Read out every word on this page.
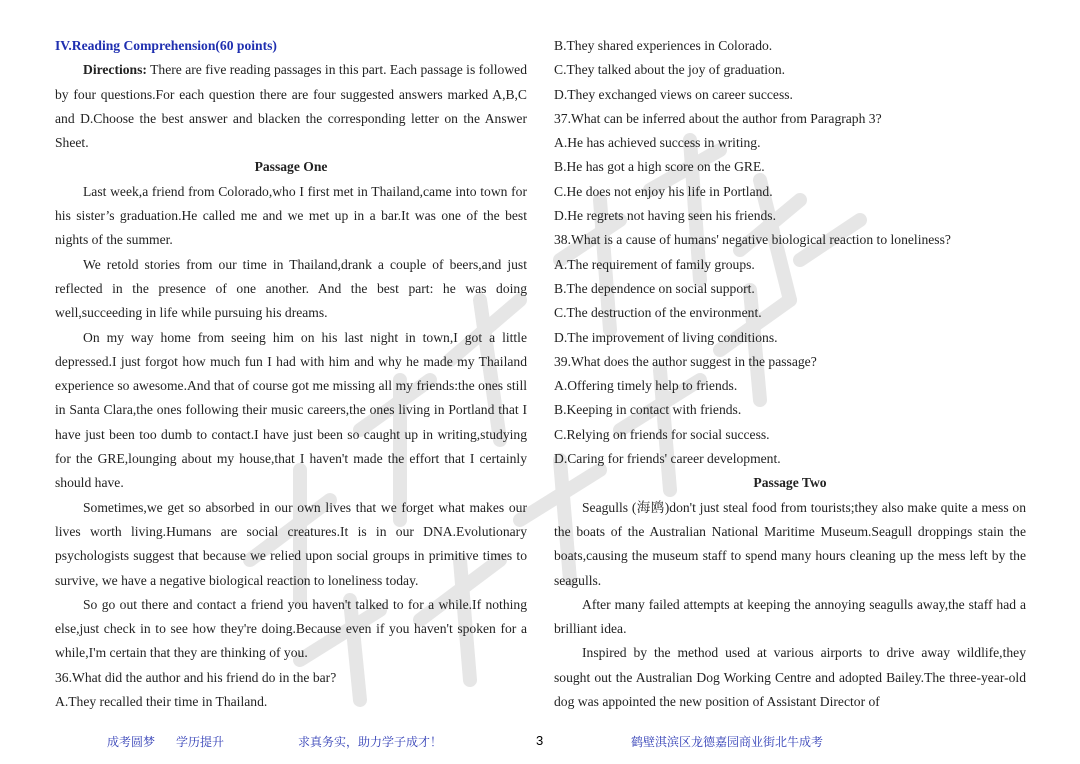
IV.Reading Comprehension(60 points)

Directions: There are five reading passages in this part. Each passage is followed by four questions.For each question there are four suggested answers marked A,B,C and D.Choose the best answer and blacken the corresponding letter on the Answer Sheet.

Passage One

Last week,a friend from Colorado,who I first met in Thailand,came into town for his sister’s graduation.He called me and we met up in a bar.It was one of the best nights of the summer.

We retold stories from our time in Thailand,drank a couple of beers,and just reflected in the presence of one another. And the best part: he was doing well,succeeding in life while pursuing his dreams.

On my way home from seeing him on his last night in town,I got a little depressed.I just forgot how much fun I had with him and why he made my Thailand experience so awesome.And that of course got me missing all my friends:the ones still in Santa Clara,the ones following their music careers,the ones living in Portland that I have just been too dumb to contact.I have just been so caught up in writing,studying for the GRE,lounging about my house,that I haven't made the effort that I certainly should have.

Sometimes,we get so absorbed in our own lives that we forget what makes our lives worth living.Humans are social creatures.It is in our DNA.Evolutionary psychologists suggest that because we relied upon social groups in primitive times to survive, we have a negative biological reaction to loneliness today.

So go out there and contact a friend you haven't talked to for a while.If nothing else,just check in to see how they're doing.Because even if you haven't spoken for a while,I'm certain that they are thinking of you.

36.What did the author and his friend do in the bar?

A.They recalled their time in Thailand.

B.They shared experiences in Colorado.

C.They talked about the joy of graduation.

D.They exchanged views on career success.

37.What can be inferred about the author from Paragraph 3?

A.He has achieved success in writing.

B.He has got a high score on the GRE.

C.He does not enjoy his life in Portland.

D.He regrets not having seen his friends.

38.What is a cause of humans' negative biological reaction to loneliness?

A.The requirement of family groups.

B.The dependence on social support.

C.The destruction of the environment.

D.The improvement of living conditions.

39.What does the author suggest in the passage?

A.Offering timely help to friends.

B.Keeping in contact with friends.

C.Relying on friends for social success.

D.Caring for friends' career development.

Passage Two

Seagulls (海鸥)don't just steal food from tourists;they also make quite a mess on the boats of the Australian National Maritime Museum.Seagull droppings stain the boats,causing the museum staff to spend many hours cleaning up the mess left by the seagulls.

After many failed attempts at keeping the annoying seagulls away,the staff had a brilliant idea.

Inspired by the method used at various airports to drive away wildlife,they sought out the Australian Dog Working Centre and adopted Bailey.The three-year-old dog was appointed the new position of Assistant Director of

成考圆梦 学历提升	求真务实，助力学子成才！	3	鹤壁淇滨区龙德嘉园商业街北牛成考
